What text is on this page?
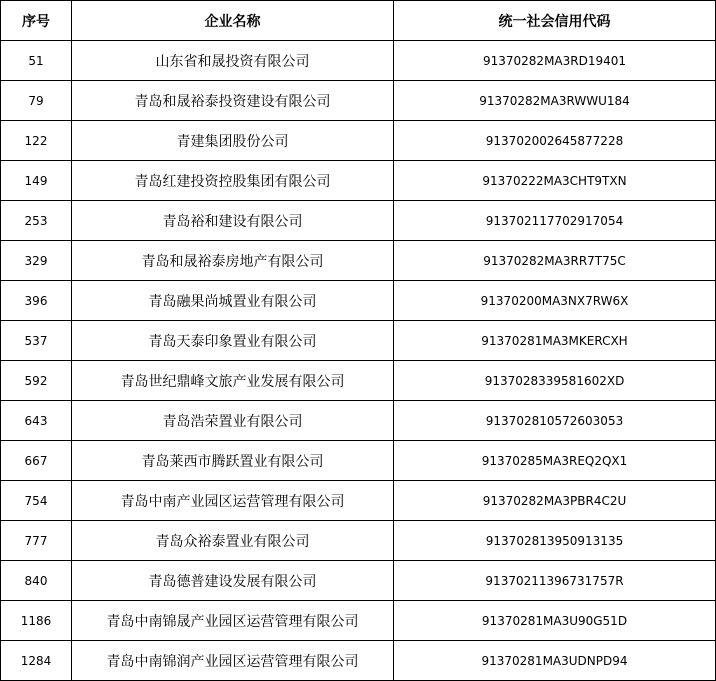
序号	企业名称	统一社会信用代码
51	山东省和晟投资有限公司	91370282MA3RD19401
79	青岛和晟裕泰投资建设有限公司	91370282MA3RWWU184
122	青建集团股份公司	913702002645877228
149	青岛红建投资控股集团有限公司	91370222MA3CHT9TXN
253	青岛裕和建设有限公司	913702117702917054
329	青岛和晟裕泰房地产有限公司	91370282MA3RR7T75C
396	青岛融果尚城置业有限公司	91370200MA3NX7RW6X
537	青岛天泰印象置业有限公司	91370281MA3MKERCXH
592	青岛世纪鼎峰文旅产业发展有限公司	9137028339581602XD
643	青岛浩荣置业有限公司	913702810572603053
667	青岛莱西市腾跃置业有限公司	91370285MA3REQ2QX1
754	青岛中南产业园区运营管理有限公司	91370282MA3PBR4C2U
777	青岛众裕泰置业有限公司	913702813950913135
840	青岛德普建设发展有限公司	91370211396731757R
1186	青岛中南锦晟产业园区运营管理有限公司	91370281MA3U90G51D
1284	青岛中南锦润产业园区运营管理有限公司	91370281MA3UDNPD94
